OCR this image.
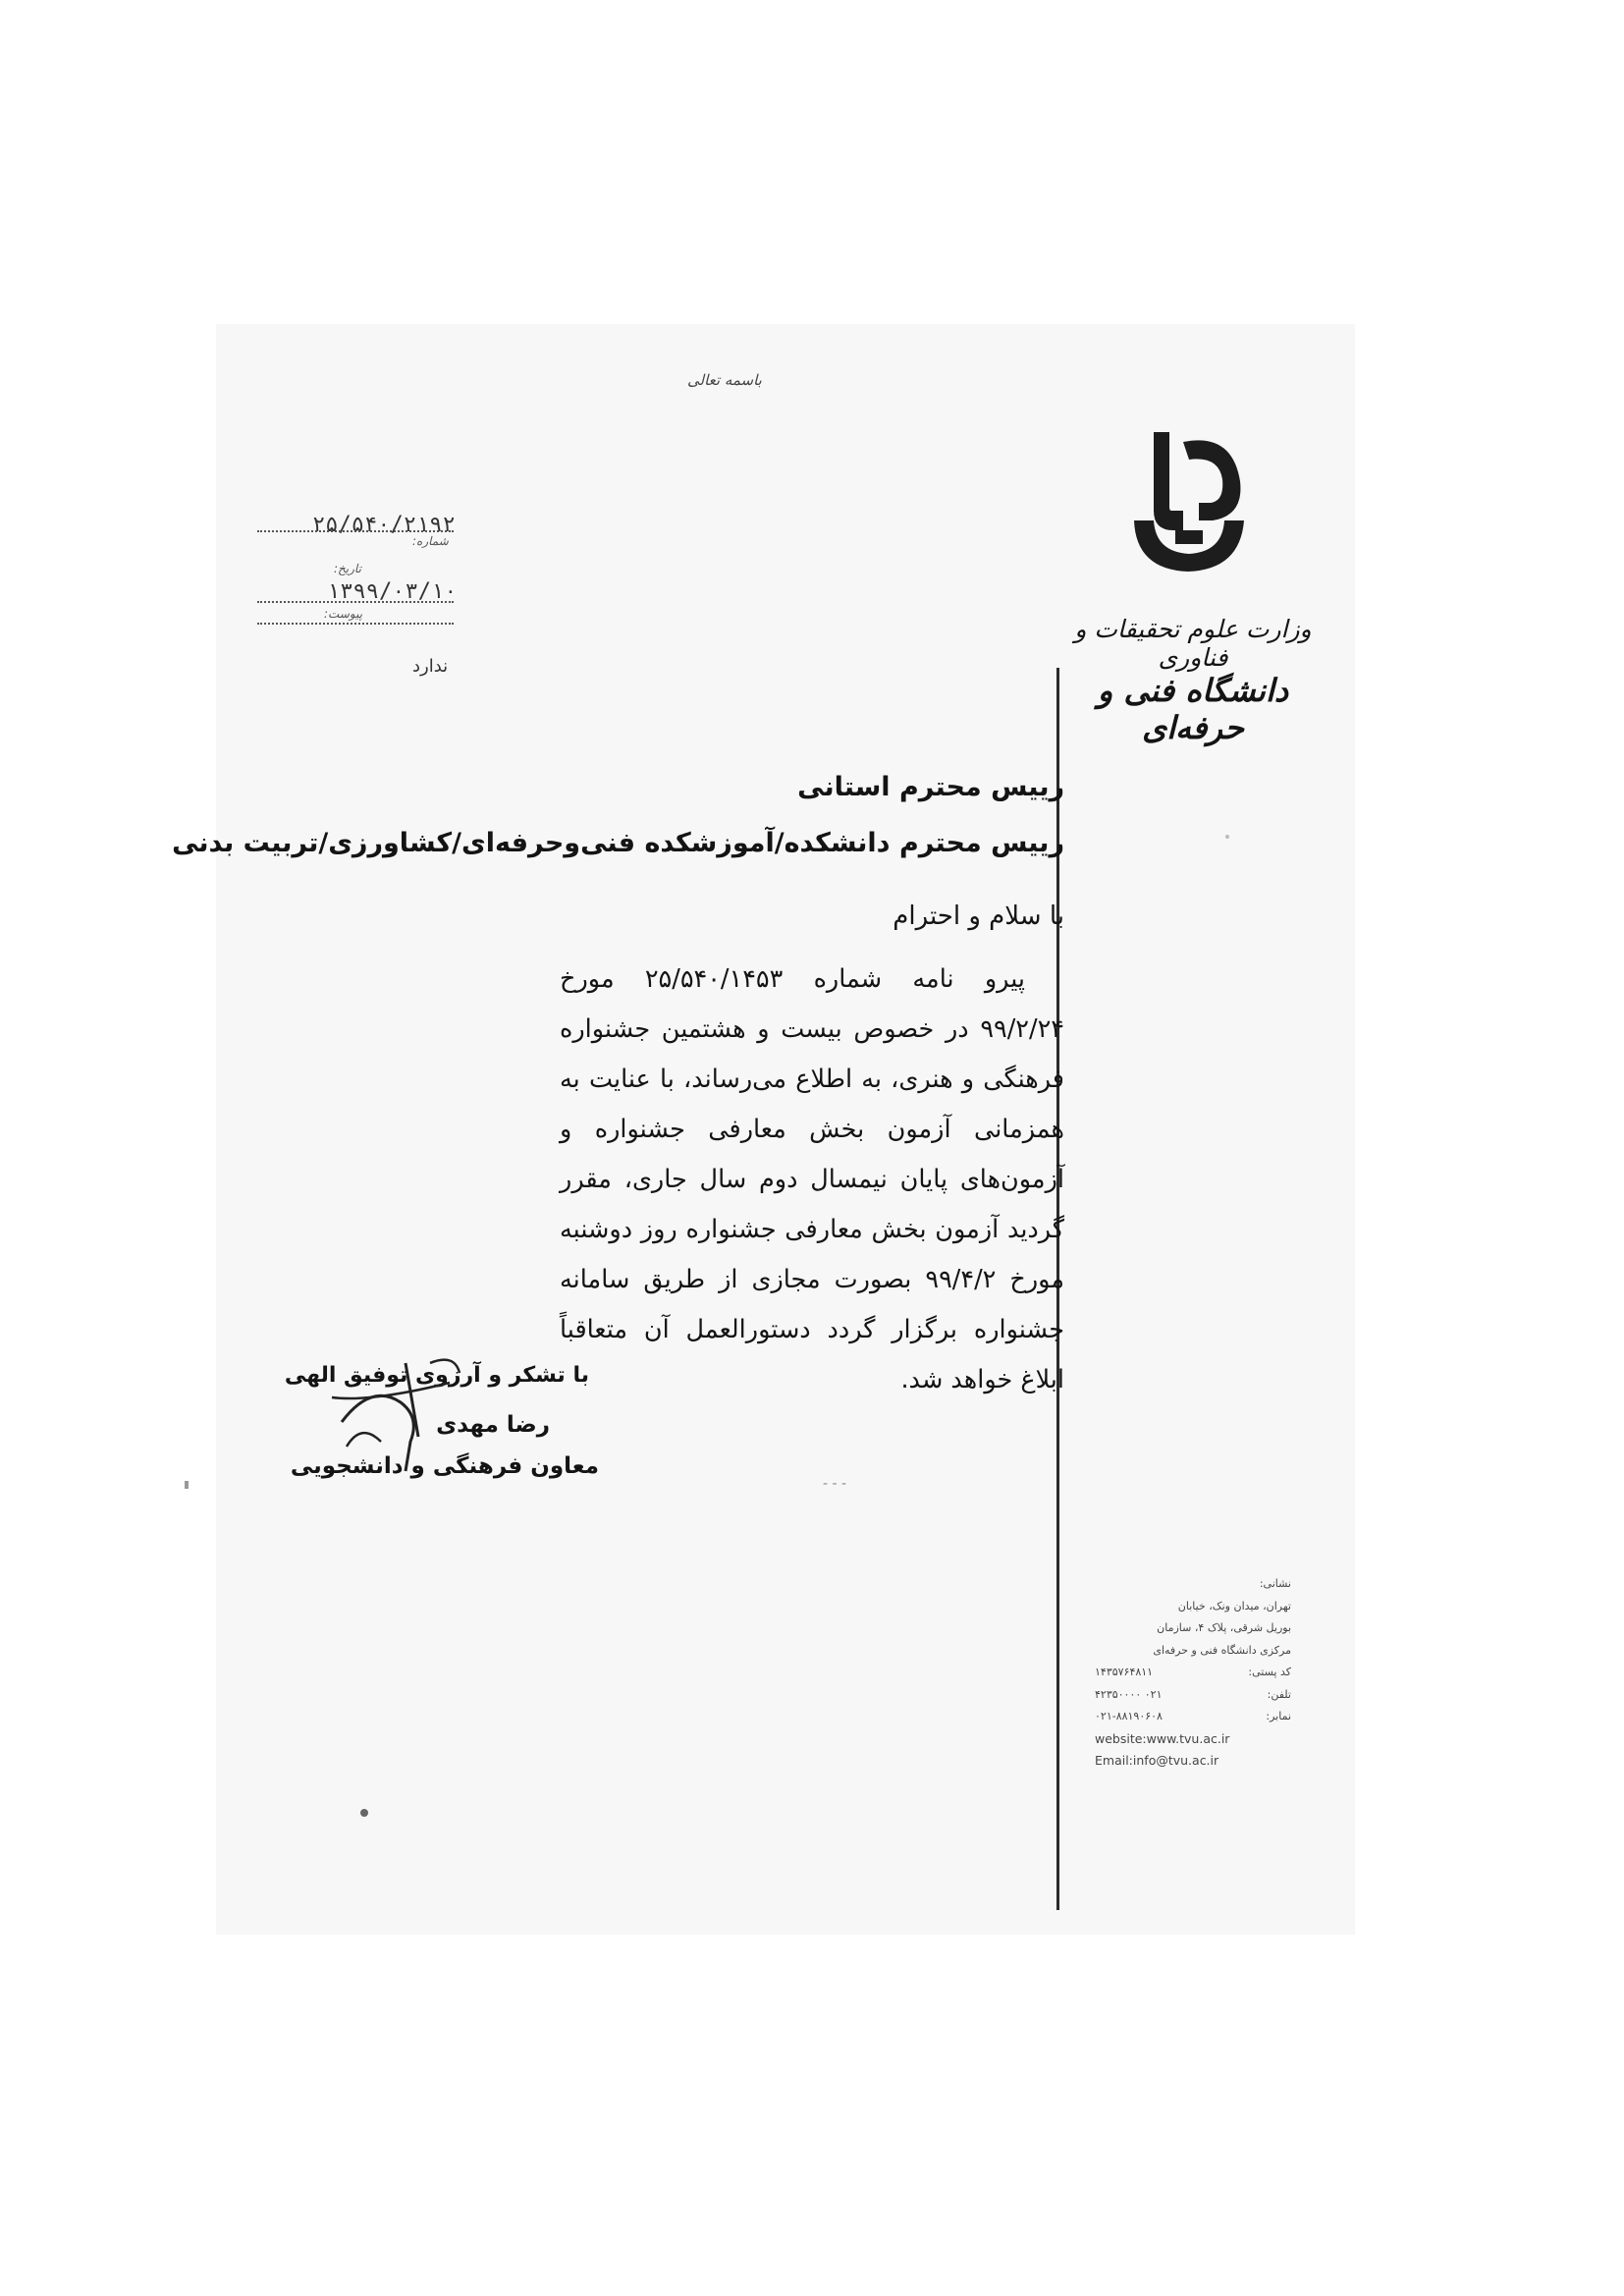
باسمه تعالی
وزارت علوم تحقیقات و فناوری
دانشگاه فنی و حرفه‌ای
۲۵/۵۴۰/۲۱۹۲
شماره:
تاریخ:
۱۳۹۹/۰۳/۱۰
پیوست:
ندارد
رییس محترم استانی
رییس محترم دانشکده/آموزشکده فنی‌وحرفه‌ای/کشاورزی/تربیت بدنی
با سلام و احترام

پیرو نامه شماره ۲۵/۵۴۰/۱۴۵۳ مورخ ۹۹/۲/۲۴ در خصوص بیست و هشتمین جشنواره فرهنگی و هنری، به اطلاع می‌رساند، با عنایت به همزمانی آزمون بخش معارفی جشنواره و آزمون‌های پایان نیمسال دوم سال جاری، مقرر گردید آزمون بخش معارفی جشنواره روز دوشنبه مورخ ۹۹/۴/۲ بصورت مجازی از طریق سامانه جشنواره برگزار گردد دستورالعمل آن متعاقباً ابلاغ خواهد شد.

با تشکر و آرزوی توفیق الهی
رضا مهدی
معاون فرهنگی و دانشجویی
- - -
نشانی:
تهران، میدان ونک، خیابان
بوریل شرقی، پلاک ۴، سازمان
مرکزی دانشگاه فنی و حرفه‌ای
کد پستی:
۱۴۳۵۷۶۴۸۱۱
تلفن:
۰۲۱ ۴۲۳۵۰۰۰۰
نمابر:
۰۲۱-۸۸۱۹۰۶۰۸
website:www.tvu.ac.ir
Email:info@tvu.ac.ir
